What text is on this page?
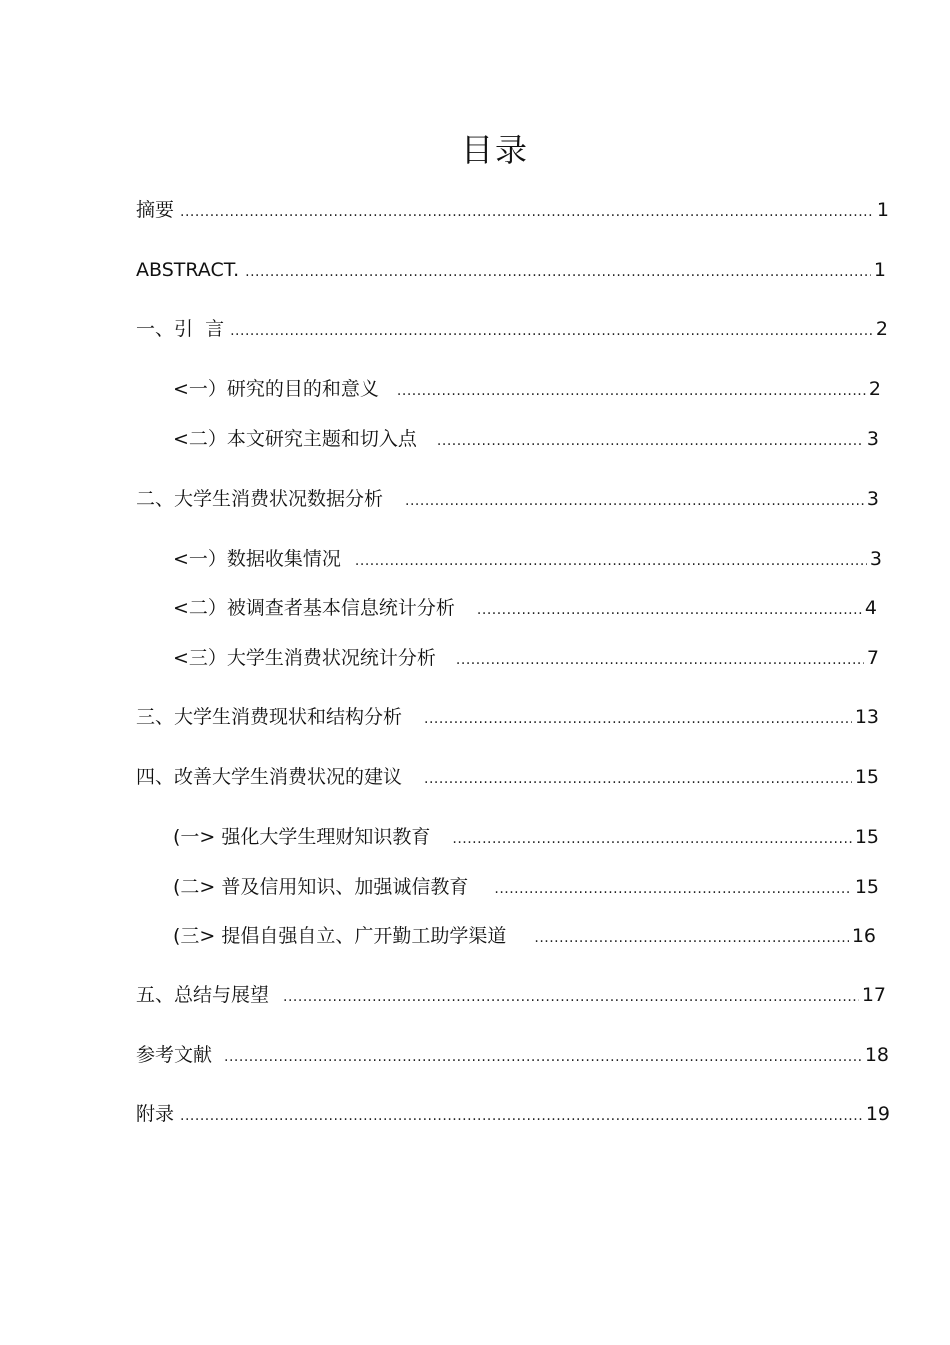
目录
摘要 .....	1
ABSTRACT. .....	1
一、引  言 .....	2
<一）研究的目的和意义 .....	2
<二）本文研究主题和切入点 .....	3
二、大学生消费状况数据分析 .....	3
<一）数据收集情况 .....	3
<二）被调查者基本信息统计分析 .....	4
<三）大学生消费状况统计分析 .....	7
三、大学生消费现状和结构分析 .....	13
四、改善大学生消费状况的建议 .....	15
(一> 强化大学生理财知识教育 .....	15
(二> 普及信用知识、加强诚信教育 .....	15
(三> 提倡自强自立、广开勤工助学渠道 .....	16
五、总结与展望 .....	17
参考文献 .....	18
附录 .....	19
